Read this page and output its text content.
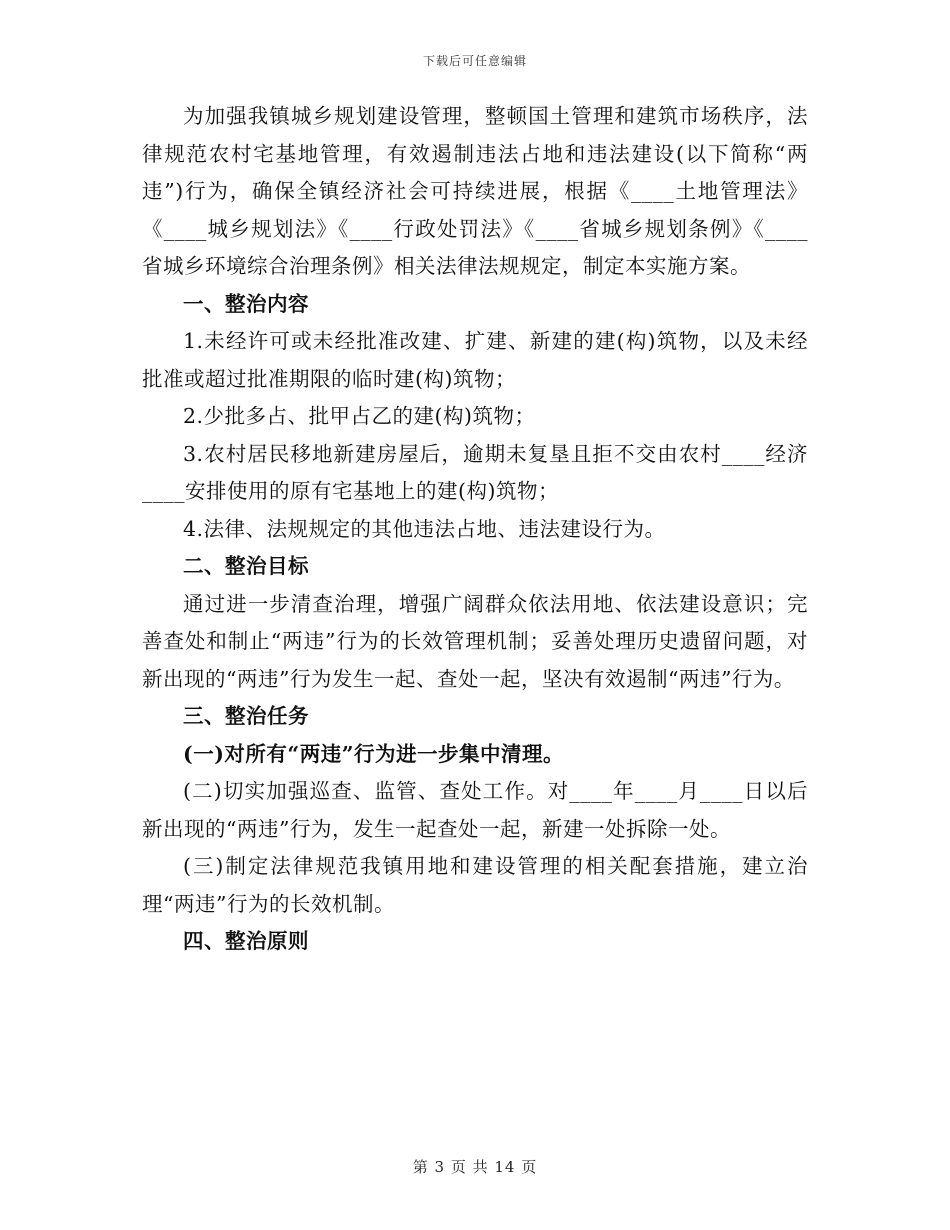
下载后可任意编辑

为加强我镇城乡规划建设管理，整顿国土管理和建筑市场秩序，法律规范农村宅基地管理，有效遏制违法占地和违法建设(以下简称“两违”)行为，确保全镇经济社会可持续进展，根据《____土地管理法》《____城乡规划法》《____行政处罚法》《____省城乡规划条例》《____省城乡环境综合治理条例》相关法律法规规定，制定本实施方案。

一、整治内容

1.未经许可或未经批准改建、扩建、新建的建(构)筑物，以及未经批准或超过批准期限的临时建(构)筑物；

2.少批多占、批甲占乙的建(构)筑物；

3.农村居民移地新建房屋后，逾期未复垦且拒不交由农村____经济____安排使用的原有宅基地上的建(构)筑物；

4.法律、法规规定的其他违法占地、违法建设行为。

二、整治目标

通过进一步清查治理，增强广阔群众依法用地、依法建设意识；完善查处和制止“两违”行为的长效管理机制；妥善处理历史遗留问题，对新出现的“两违”行为发生一起、查处一起，坚决有效遏制“两违”行为。

三、整治任务

(一)对所有“两违”行为进一步集中清理。

(二)切实加强巡查、监管、查处工作。对____年____月____日以后新出现的“两违”行为，发生一起查处一起，新建一处拆除一处。

(三)制定法律规范我镇用地和建设管理的相关配套措施，建立治理“两违”行为的长效机制。

四、整治原则

第 3 页 共 14 页
